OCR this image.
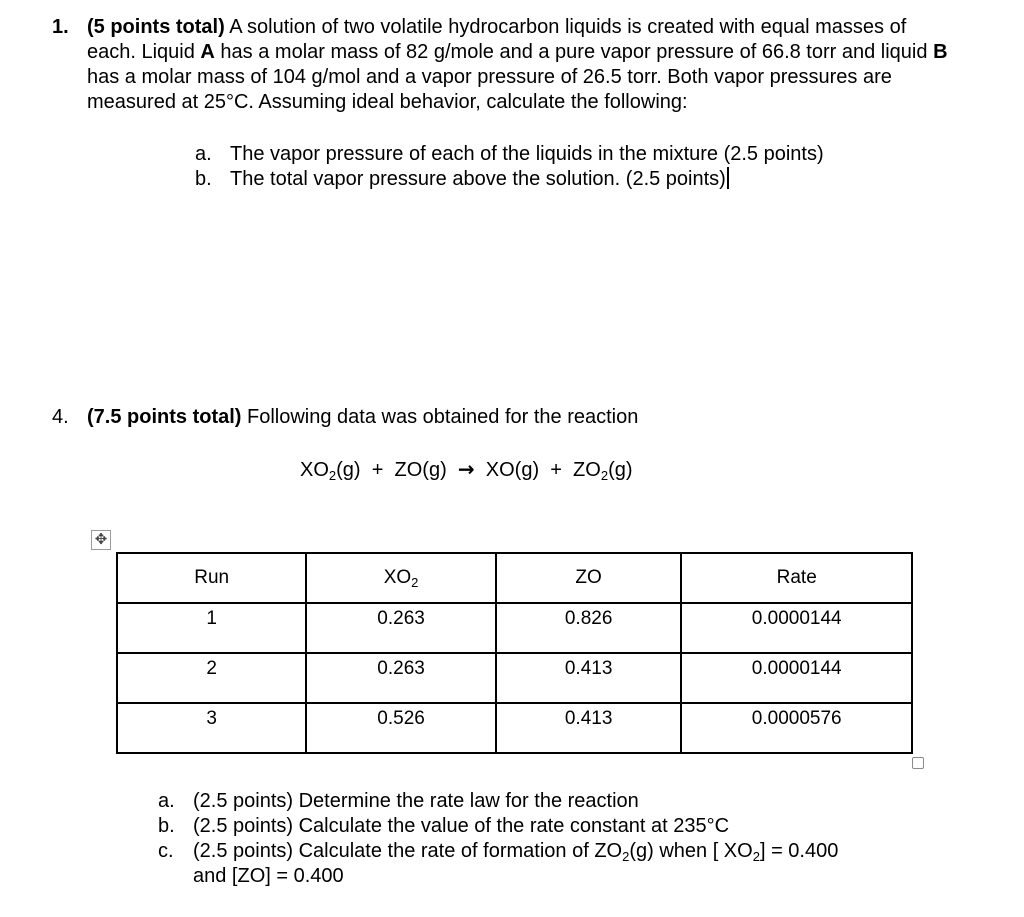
1. (5 points total) A solution of two volatile hydrocarbon liquids is created with equal masses of each. Liquid A has a molar mass of 82 g/mole and a pure vapor pressure of 66.8 torr and liquid B has a molar mass of 104 g/mol and a vapor pressure of 26.5 torr. Both vapor pressures are measured at 25°C. Assuming ideal behavior, calculate the following:
a. The vapor pressure of each of the liquids in the mixture (2.5 points)
b. The total vapor pressure above the solution. (2.5 points)
4. (7.5 points total) Following data was obtained for the reaction
$XO_2(g) + ZO(g) \to XO(g) + ZO_2(g)$
✥
Run	$XO_2$	ZO	Rate
1	0.263	0.826	0.0000144
2	0.263	0.413	0.0000144
3	0.526	0.413	0.0000576
a. (2.5 points) Determine the rate law for the reaction
b. (2.5 points) Calculate the value of the rate constant at 235°C
c. (2.5 points) Calculate the rate of formation of $ZO_2(g)$ when [ $XO_2] = 0.400$
and [ZO] = 0.400
